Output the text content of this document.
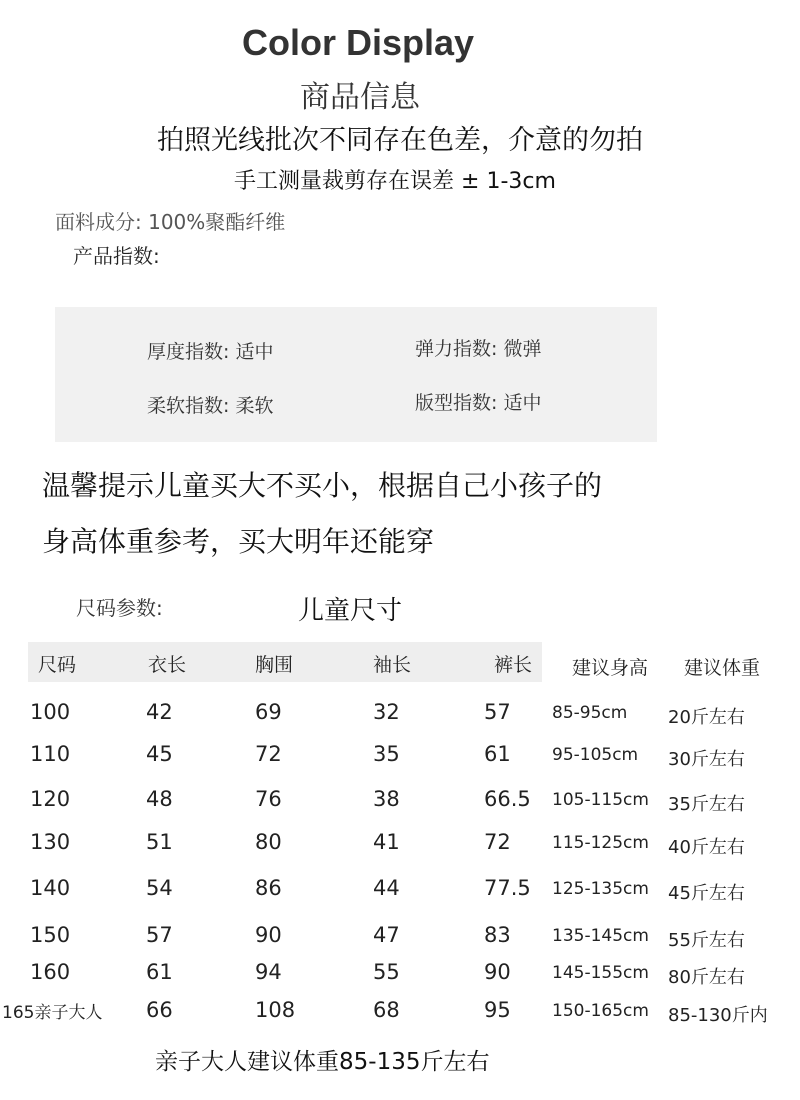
Color Display
商品信息
拍照光线批次不同存在色差，介意的勿拍
手工测量裁剪存在误差 ± 1-3cm
面料成分: 100%聚酯纤维
产品指数:
厚度指数: 适中	弹力指数: 微弹
柔软指数: 柔软	版型指数: 适中
温馨提示儿童买大不买小，根据自己小孩子的
身高体重参考，买大明年还能穿
尺码参数:	儿童尺寸
尺码	衣长	胸围	袖长	裤长 建议身高 建议体重
100	42	69	32	57 85-95cm 20斤左右
110	45	72	35	61 95-105cm 30斤左右
120	48	76	38	66.5 105-115cm 35斤左右
130	51	80	41	72 115-125cm 40斤左右
140	54	86	44	77.5 125-135cm 45斤左右
150	57	90	47	83 135-145cm 55斤左右
160	61	94	55	90 145-155cm 80斤左右
165亲子大人 66	108	68	95 150-165cm 85-130斤内
亲子大人建议体重85-135斤左右
